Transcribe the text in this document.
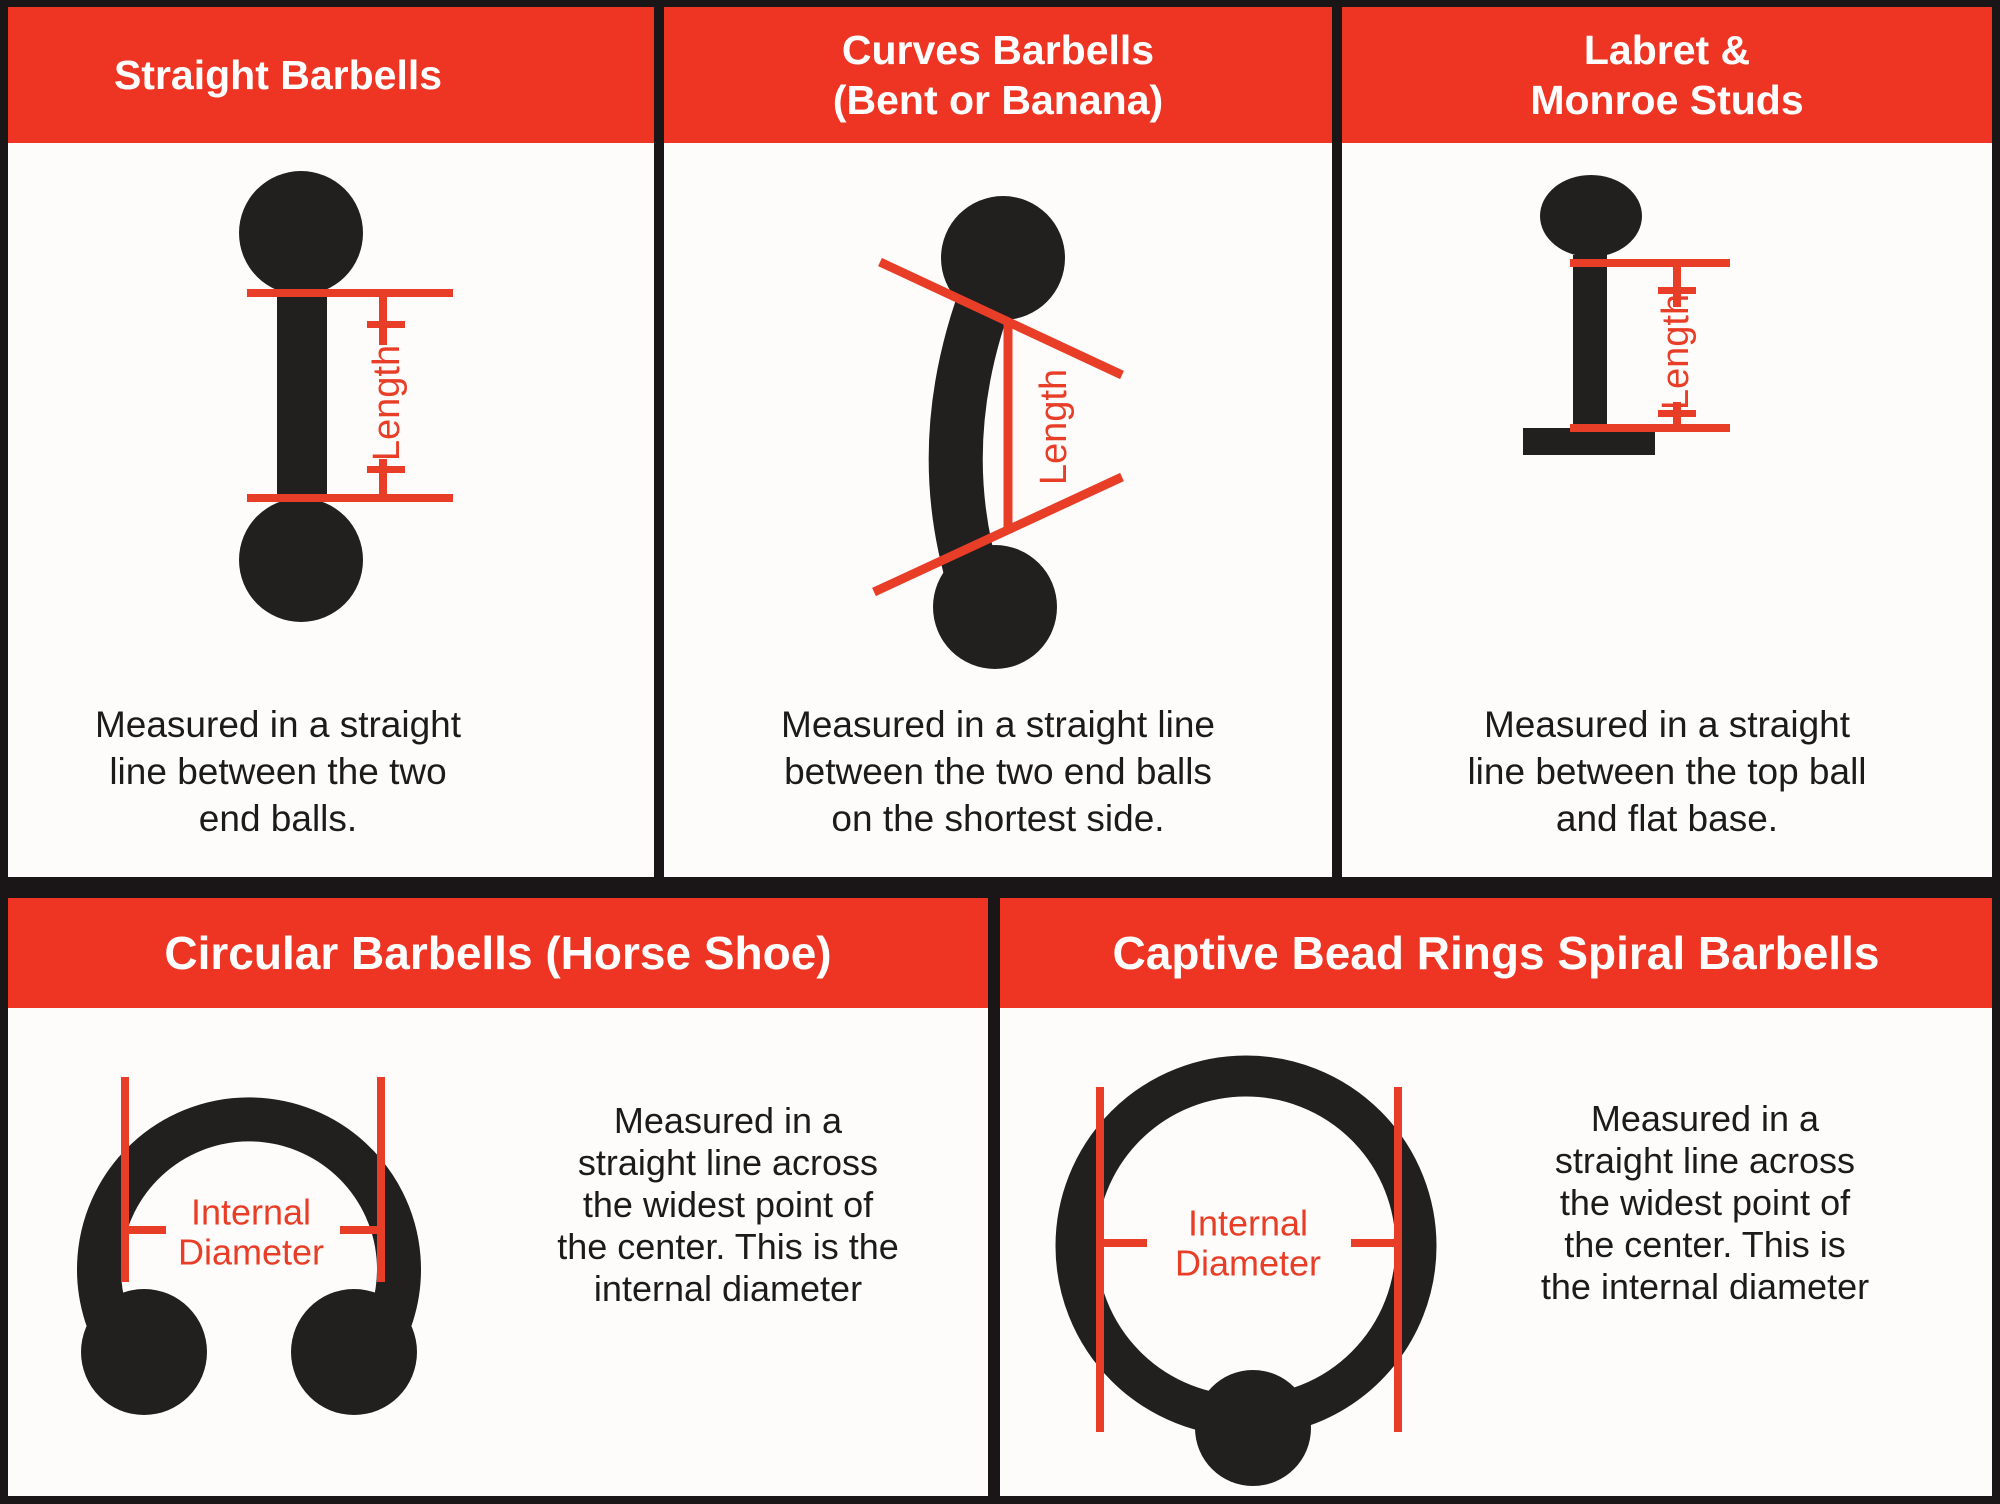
Straight Barbells
Length
Measured in a straight
line between the two
end balls.
Curves Barbells
(Bent or Banana)
Length
Measured in a straight line
between the two end balls
on the shortest side.
Labret &
Monroe Studs
Length
Measured in a straight
line between the top ball
and flat base.
Circular Barbells (Horse Shoe)
Internal
Diameter
Measured in a
straight line across
the widest point of
the center. This is the
internal diameter
Captive Bead Rings Spiral Barbells
Internal
Diameter
Measured in a
straight line across
the widest point of
the center. This is
the internal diameter
